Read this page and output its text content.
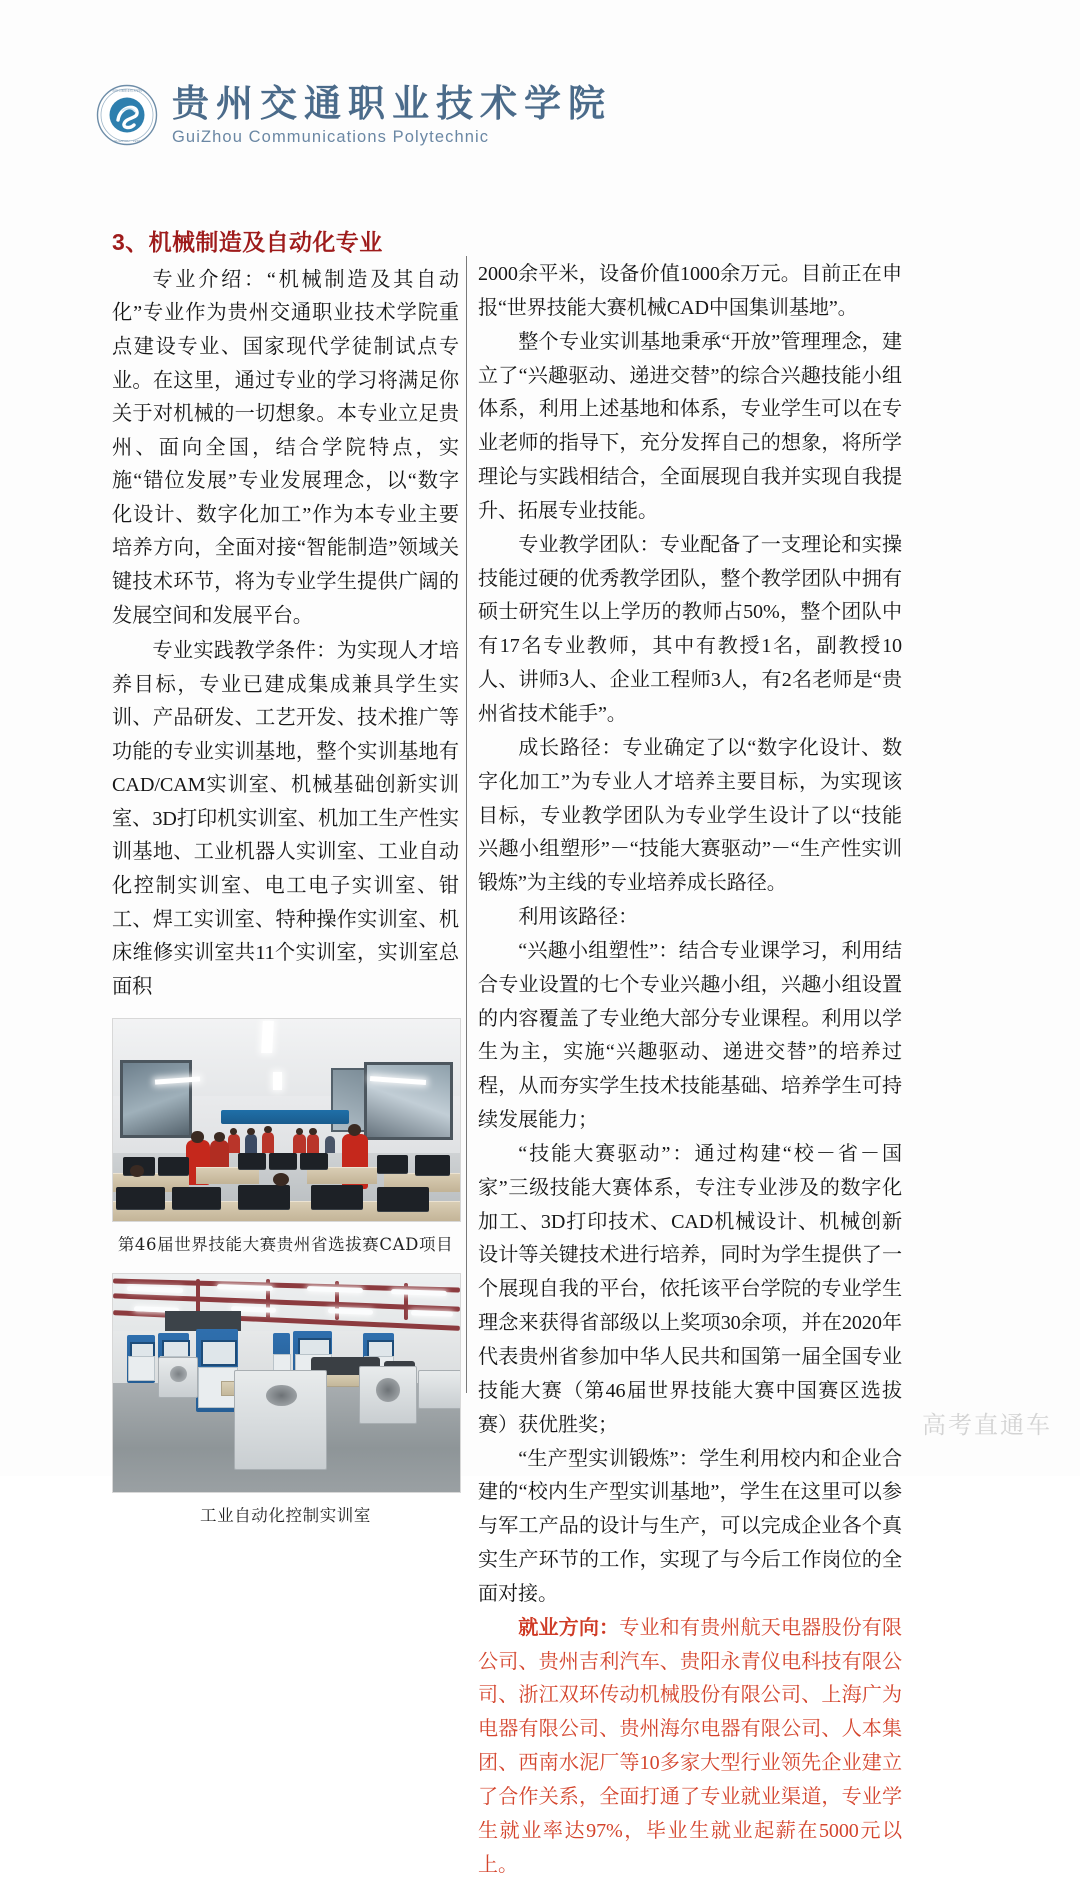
贵州交通职业技术学院
GUIZHOU · 1958
贵州交通职业技术学院
GuiZhou Communications Polytechnic
3、机械制造及自动化专业

专业介绍：“机械制造及其自动化”专业作为贵州交通职业技术学院重点建设专业、国家现代学徒制试点专业。在这里，通过专业的学习将满足你关于对机械的一切想象。本专业立足贵州、面向全国，结合学院特点，实施“错位发展”专业发展理念，以“数字化设计、数字化加工”作为本专业主要培养方向，全面对接“智能制造”领域关键技术环节，将为专业学生提供广阔的发展空间和发展平台。

专业实践教学条件：为实现人才培养目标，专业已建成集成兼具学生实训、产品研发、工艺开发、技术推广等功能的专业实训基地，整个实训基地有CAD/CAM实训室、机械基础创新实训室、3D打印机实训室、机加工生产性实训基地、工业机器人实训室、工业自动化控制实训室、电工电子实训室、钳工、焊工实训室、特种操作实训室、机床维修实训室共11个实训室，实训室总面积

第46届世界技能大赛贵州省选拔赛CAD项目
工业自动化控制实训室

2000余平米，设备价值1000余万元。目前正在申报“世界技能大赛机械CAD中国集训基地”。

整个专业实训基地秉承“开放”管理理念，建立了“兴趣驱动、递进交替”的综合兴趣技能小组体系，利用上述基地和体系，专业学生可以在专业老师的指导下，充分发挥自己的想象，将所学理论与实践相结合，全面展现自我并实现自我提升、拓展专业技能。

专业教学团队：专业配备了一支理论和实操技能过硬的优秀教学团队，整个教学团队中拥有硕士研究生以上学历的教师占50%，整个团队中有17名专业教师，其中有教授1名，副教授10人、讲师3人、企业工程师3人，有2名老师是“贵州省技术能手”。

成长路径：专业确定了以“数字化设计、数字化加工”为专业人才培养主要目标，为实现该目标，专业教学团队为专业学生设计了以“技能兴趣小组塑形”－“技能大赛驱动”－“生产性实训锻炼”为主线的专业培养成长路径。

利用该路径：

“兴趣小组塑性”：结合专业课学习，利用结合专业设置的七个专业兴趣小组，兴趣小组设置的内容覆盖了专业绝大部分专业课程。利用以学生为主，实施“兴趣驱动、递进交替”的培养过程，从而夯实学生技术技能基础、培养学生可持续发展能力；

“技能大赛驱动”：通过构建“校－省－国家”三级技能大赛体系，专注专业涉及的数字化加工、3D打印技术、CAD机械设计、机械创新设计等关键技术进行培养，同时为学生提供了一个展现自我的平台，依托该平台学院的专业学生理念来获得省部级以上奖项30余项，并在2020年代表贵州省参加中华人民共和国第一届全国专业技能大赛（第46届世界技能大赛中国赛区选拔赛）获优胜奖；

“生产型实训锻炼”：学生利用校内和企业合建的“校内生产型实训基地”，学生在这里可以参与军工产品的设计与生产，可以完成企业各个真实生产环节的工作，实现了与今后工作岗位的全面对接。

就业方向：专业和有贵州航天电器股份有限公司、贵州吉利汽车、贵阳永青仪电科技有限公司、浙江双环传动机械股份有限公司、上海广为电器有限公司、贵州海尔电器有限公司、人本集团、西南水泥厂等10多家大型行业领先企业建立了合作关系，全面打通了专业就业渠道，专业学生就业率达97%，毕业生就业起薪在5000元以上。

高考直通车
